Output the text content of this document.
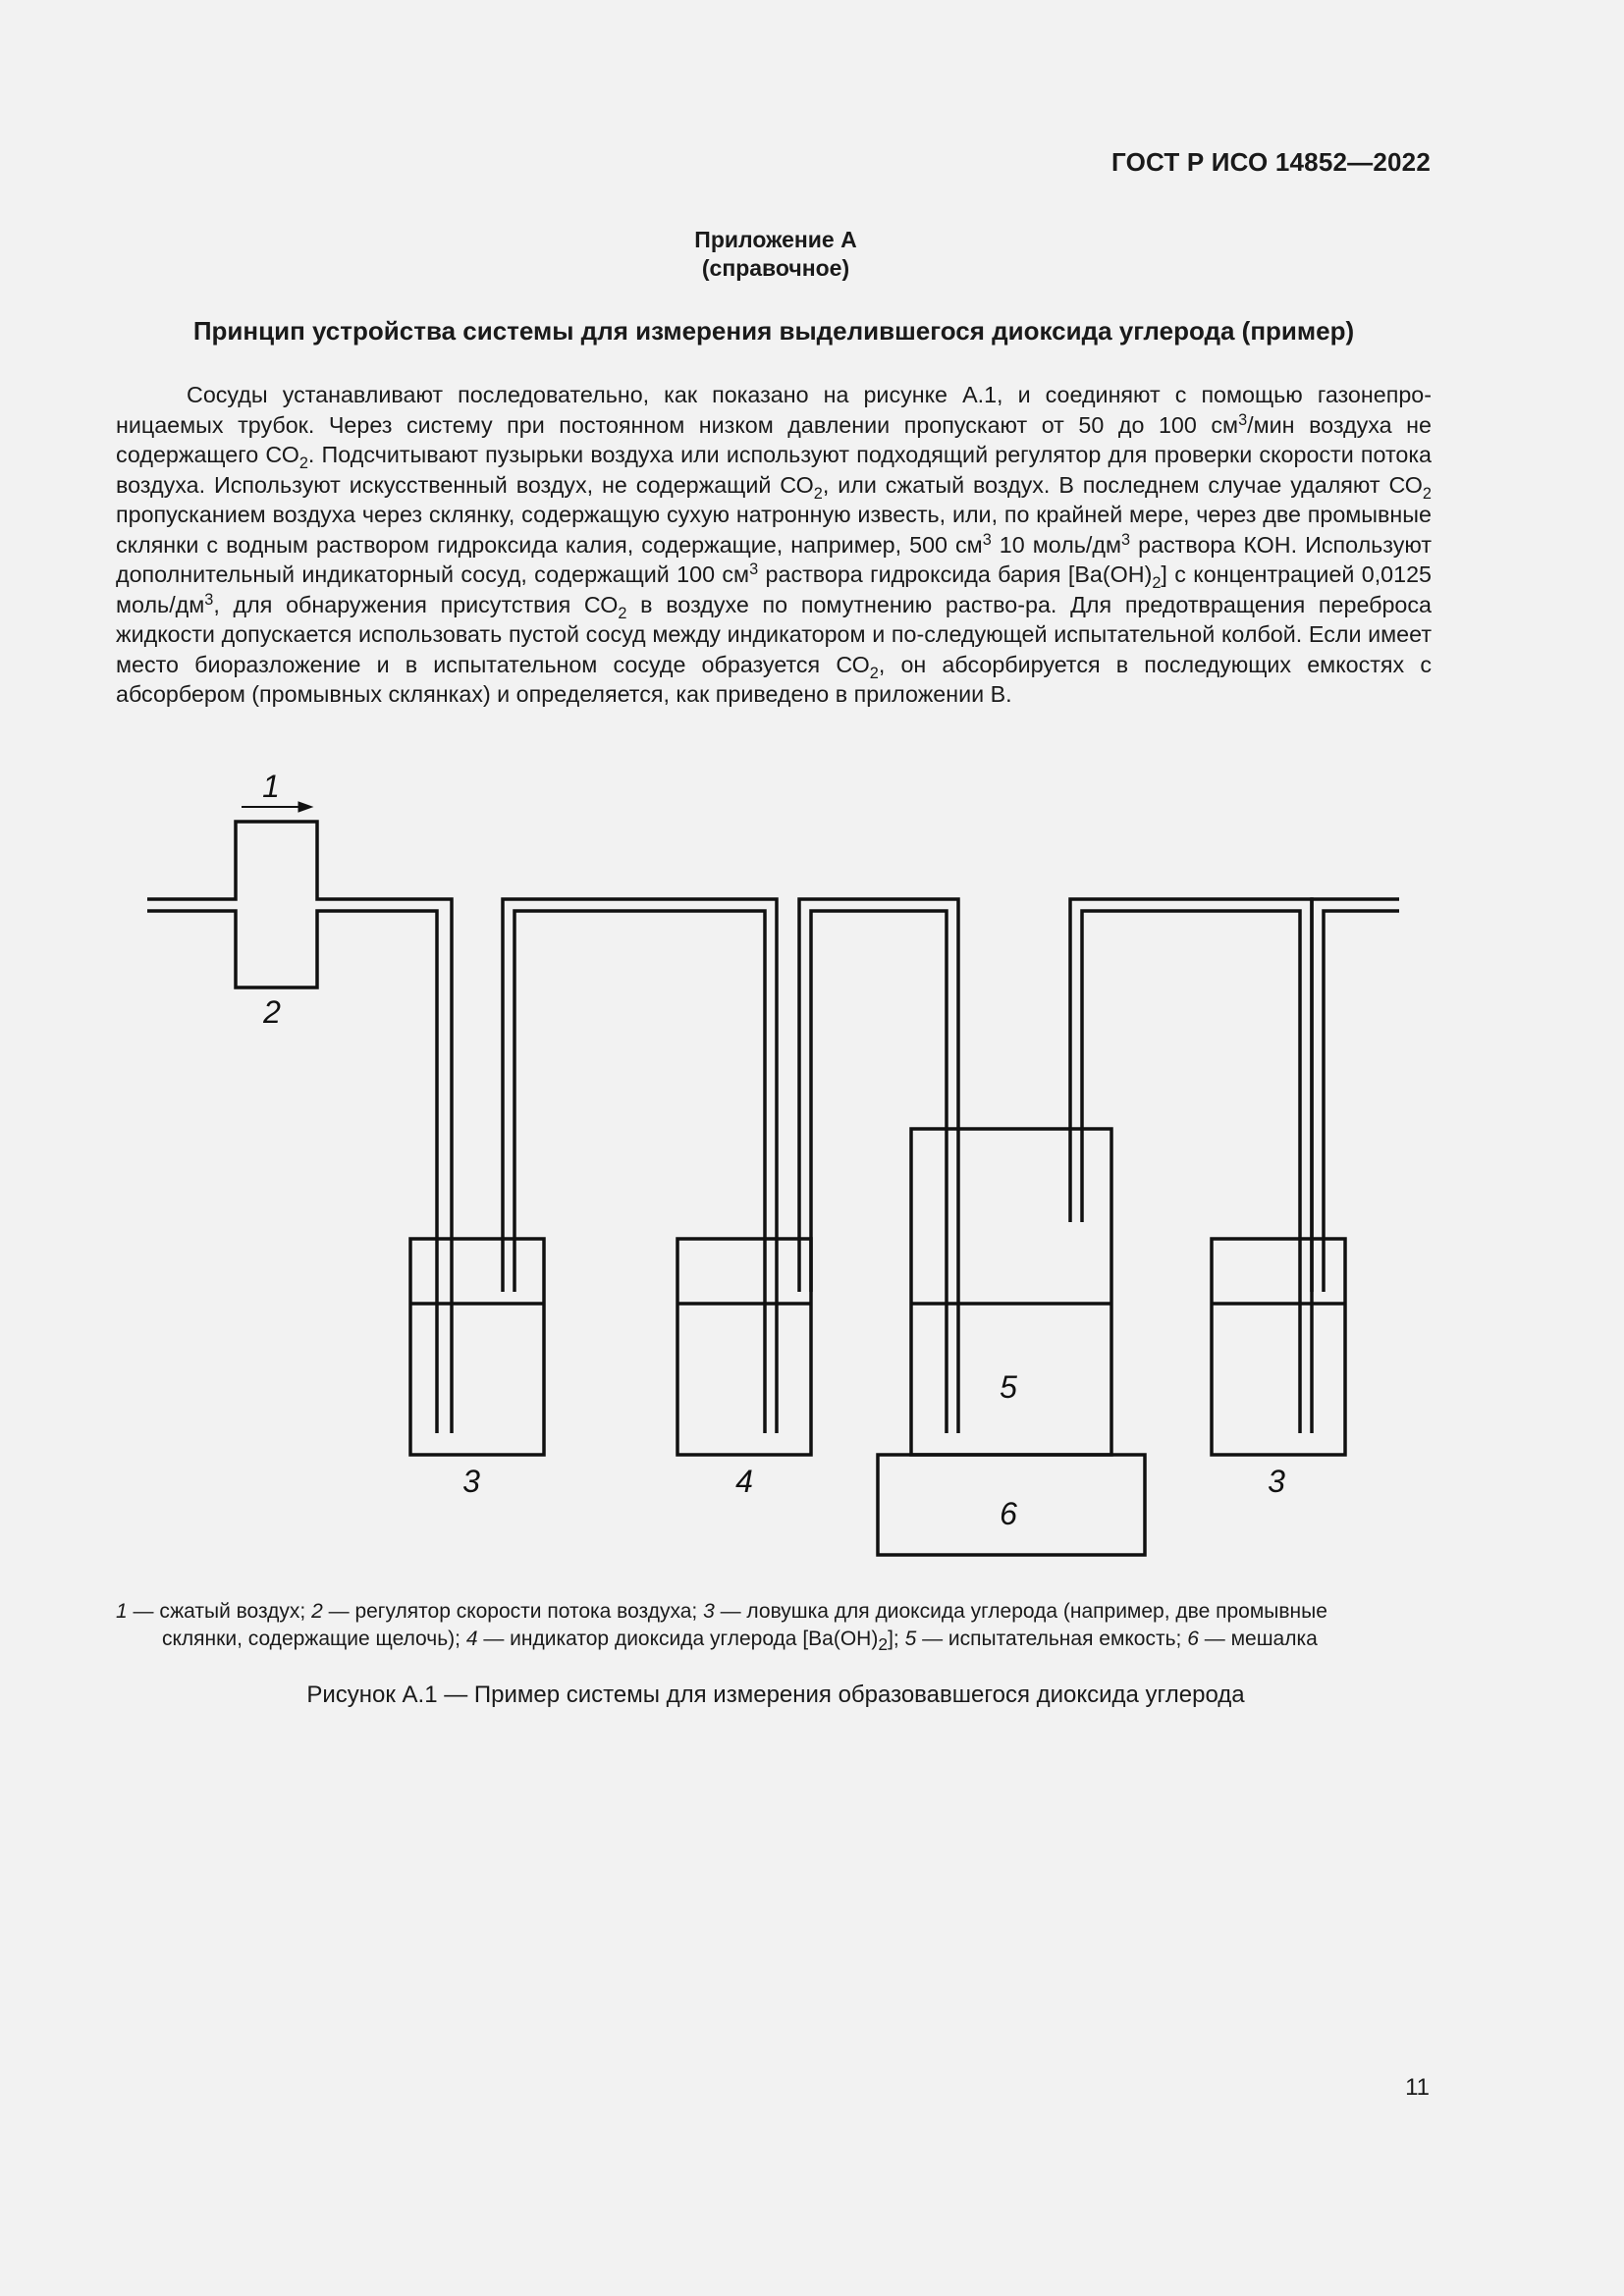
ГОСТ Р ИСО 14852—2022
Приложение А
(справочное)
Принцип устройства системы для измерения выделившегося диоксида углерода (пример)

Сосуды устанавливают последовательно, как показано на рисунке А.1, и соединяют с помощью газонепро-ницаемых трубок. Через систему при постоянном низком давлении пропускают от 50 до 100 $см^3$/мин воздуха не содержащего $СО_2$. Подсчитывают пузырьки воздуха или используют подходящий регулятор для проверки скорости потока воздуха. Используют искусственный воздух, не содержащий $СО_2$, или сжатый воздух. В последнем случае удаляют $СО_2$ пропусканием воздуха через склянку, содержащую сухую натронную известь, или, по крайней мере, через две промывные склянки с водным раствором гидроксида калия, содержащие, например, 500 $см^3$ 10 моль/$дм^3$ раствора КОН. Используют дополнительный индикаторный сосуд, содержащий 100 $см^3$ раствора гидроксида бария $[Ва(ОН)_2]$ с концентрацией 0,0125 моль/$дм^3$, для обнаружения присутствия $СО_2$ в воздухе по помутнению раство-ра. Для предотвращения переброса жидкости допускается использовать пустой сосуд между индикатором и по-следующей испытательной колбой. Если имеет место биоразложение и в испытательном сосуде образуется $СО_2$, он абсорбируется в последующих емкостях с абсорбером (промывных склянках) и определяется, как приведено в приложении В.

1
2
3	4
5
6
3
1 — сжатый воздух; 2 — регулятор скорости потока воздуха; 3 — ловушка для диоксида углерода (например, две промывные
склянки, содержащие щелочь); 4 — индикатор диоксида углерода $[Ва(ОН)_2]$; 5 — испытательная емкость; 6 — мешалка
Рисунок А.1 — Пример системы для измерения образовавшегося диоксида углерода
11
